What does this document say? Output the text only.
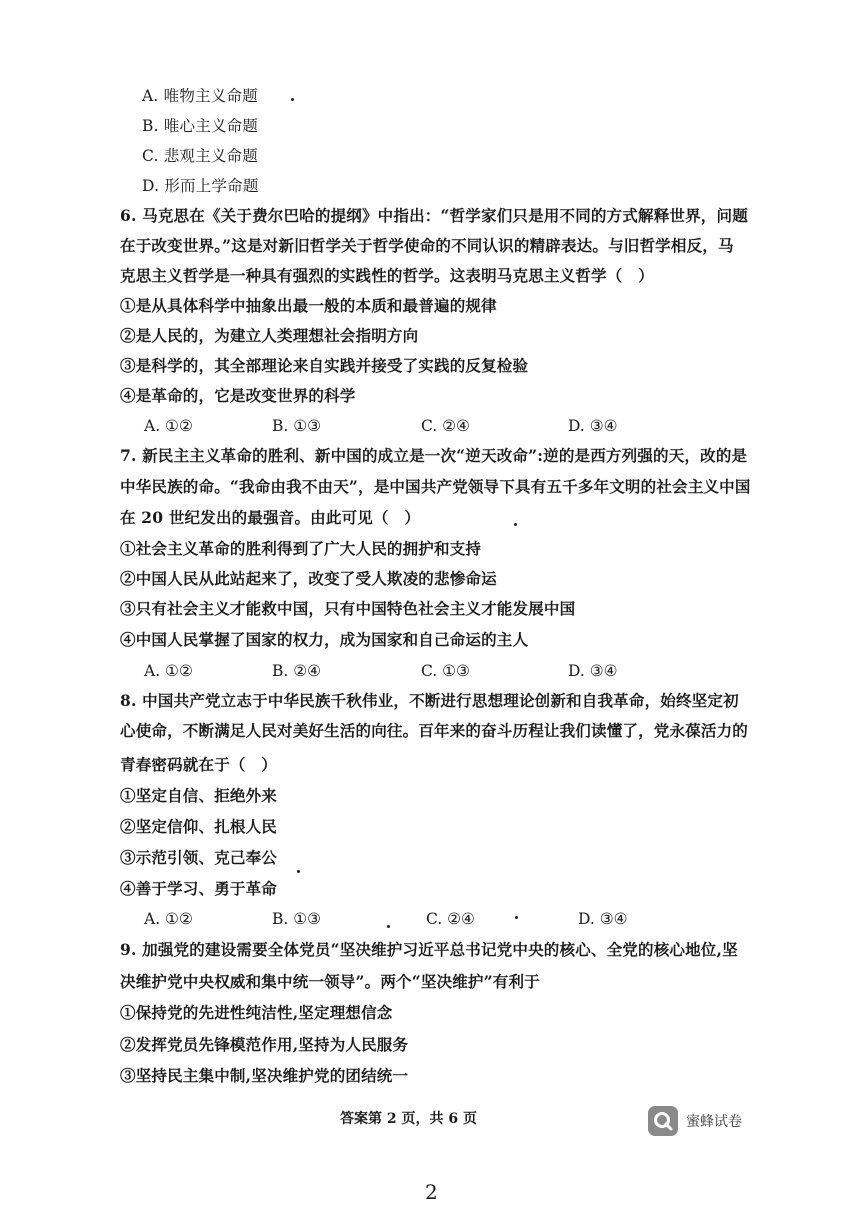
A. 唯物主义命题
B. 唯心主义命题
C. 悲观主义命题
D. 形而上学命题
6. 马克思在《关于费尔巴哈的提纲》中指出：“哲学家们只是用不同的方式解释世界，问题
在于改变世界。”这是对新旧哲学关于哲学使命的不同认识的精辟表达。与旧哲学相反，马
克思主义哲学是一种具有强烈的实践性的哲学。这表明马克思主义哲学（　）
①是从具体科学中抽象出最一般的本质和最普遍的规律
②是人民的，为建立人类理想社会指明方向
③是科学的，其全部理论来自实践并接受了实践的反复检验
④是革命的，它是改变世界的科学
A. ①②	B. ①③	C. ②④	D. ③④
7. 新民主主义革命的胜利、新中国的成立是一次“逆天改命”:逆的是西方列强的天，改的是
中华民族的命。“我命由我不由天”，是中国共产党领导下具有五千多年文明的社会主义中国
在 20 世纪发出的最强音。由此可见（　）
①社会主义革命的胜利得到了广大人民的拥护和支持
②中国人民从此站起来了，改变了受人欺凌的悲惨命运
③只有社会主义才能救中国，只有中国特色社会主义才能发展中国
④中国人民掌握了国家的权力，成为国家和自己命运的主人
A. ①②	B. ②④	C. ①③	D. ③④
8. 中国共产党立志于中华民族千秋伟业，不断进行思想理论创新和自我革命，始终坚定初
心使命，不断满足人民对美好生活的向往。百年来的奋斗历程让我们读懂了，党永葆活力的
青春密码就在于（　）
①坚定自信、拒绝外来
②坚定信仰、扎根人民
③示范引领、克己奉公
④善于学习、勇于革命
A. ①②	B. ①③	C. ②④	D. ③④
9. 加强党的建设需要全体党员“坚决维护习近平总书记党中央的核心、全党的核心地位,坚
决维护党中央权威和集中统一领导”。两个“坚决维护”有利于
①保持党的先进性纯洁性,坚定理想信念
②发挥党员先锋模范作用,坚持为人民服务
③坚持民主集中制,坚决维护党的团结统一
答案第 2 页，共 6 页	蜜蜂试卷
2
